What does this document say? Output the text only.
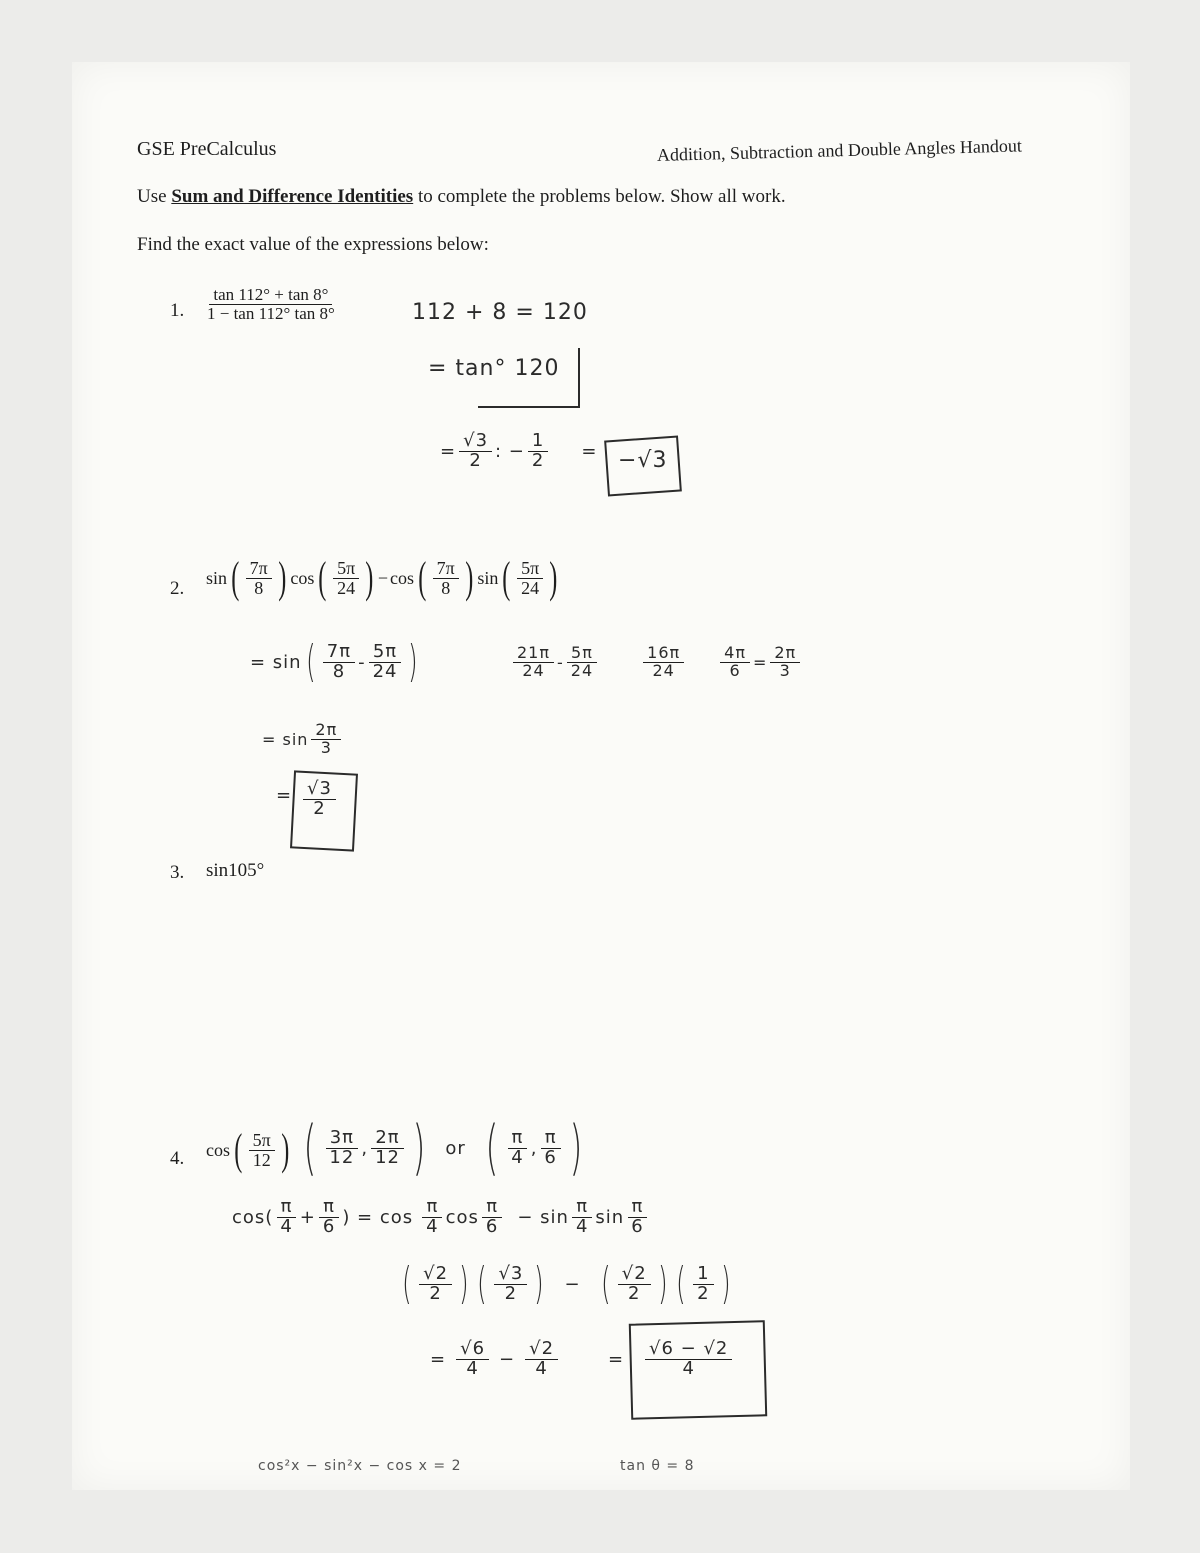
GSE PreCalculus	Addition, Subtraction and Double Angles Handout
Use Sum and Difference Identities to complete the problems below. Show all work.
Find the exact value of the expressions below:
1. $\frac{\tan 112^\circ + \tan 8^\circ}{1 - \tan 112^\circ \tan 8^\circ}$	112 + 8 = 120
= tan° 120
= $\frac{√3}{2}$ : − $\frac{1}{2} = -√3$
2.
sin ( $\frac{7\pi}{8}$ ) cos ( $\frac{5\pi}{24}$ ) − cos ( $\frac{7\pi}{8}$ ) sin ( $\frac{5\pi}{24}$ )
= sin ( $\frac{7\pi}{8} - \frac{5\pi}{24}$ )	$\frac{21\pi}{24} - \frac{5\pi}{24}$	$\frac{16\pi}{24} \frac{4\pi}{6} = \frac{2\pi}{3}$
= $\sin \frac{2\pi}{3}$
= $\frac{√3}{2}$
3. sin105°
4. cos ( $\frac{5\pi}{12}$ ) ( $\frac{3\pi}{12}$ , $\frac{2\pi}{12}$ ) or ( $\frac{\pi}{4}$ , $\frac{\pi}{6}$ )
$\cos( \frac{\pi}{4} + \frac{\pi}{6}$ ) = $\cos \frac{\pi}{4}$ $\cos \frac{\pi}{6} - \sin \frac{\pi}{4}$ $\sin \frac{\pi}{6}$
( $\frac{√2}{2}$ ) ( $\frac{√3}{2}$ ) − ( $\frac{√2}{2}$ ) ( $\frac{1}{2}$ )
= $\frac{√6}{4} - \frac{√2}{4}$	= $\frac{√6 - √2}{4}$
cos²x − sin²x − cos x = 2	tan θ = 8
